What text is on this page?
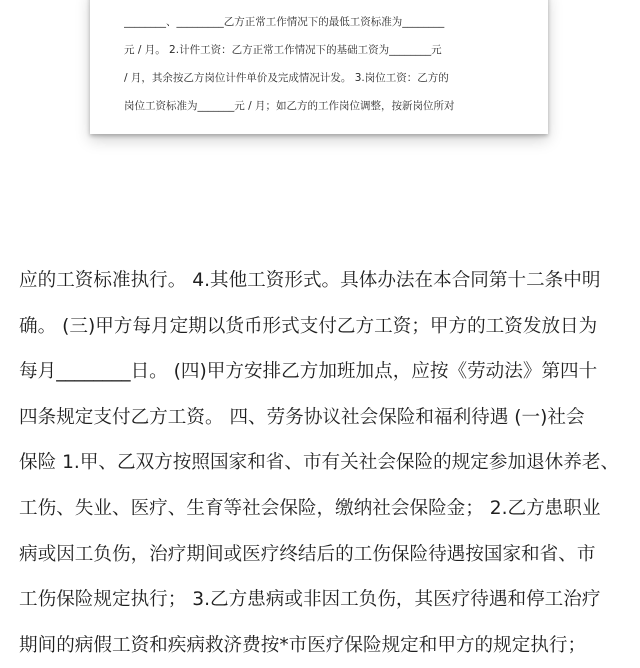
________、_________乙方正常工作情况下的最低工资标准为________
元 / 月。 2.计件工资：乙方正常工作情况下的基础工资为________元
/ 月，其余按乙方岗位计件单价及完成情况计发。 3.岗位工资：乙方的
岗位工资标准为_______元 / 月；如乙方的工作岗位调整，按新岗位所对
应的工资标准执行。 4.其他工资形式。具体办法在本合同第十二条中明
确。 (三)甲方每月定期以货币形式支付乙方工资；甲方的工资发放日为
每月________日。 (四)甲方安排乙方加班加点，应按《劳动法》第四十
四条规定支付乙方工资。 四、劳务协议社会保险和福利待遇 (一)社会
保险 1.甲、乙双方按照国家和省、市有关社会保险的规定参加退休养老、
工伤、失业、医疗、生育等社会保险，缴纳社会保险金； 2.乙方患职业
病或因工负伤，治疗期间或医疗终结后的工伤保险待遇按国家和省、市
工伤保险规定执行； 3.乙方患病或非因工负伤，其医疗待遇和停工治疗
期间的病假工资和疾病救济费按*市医疗保险规定和甲方的规定执行；
